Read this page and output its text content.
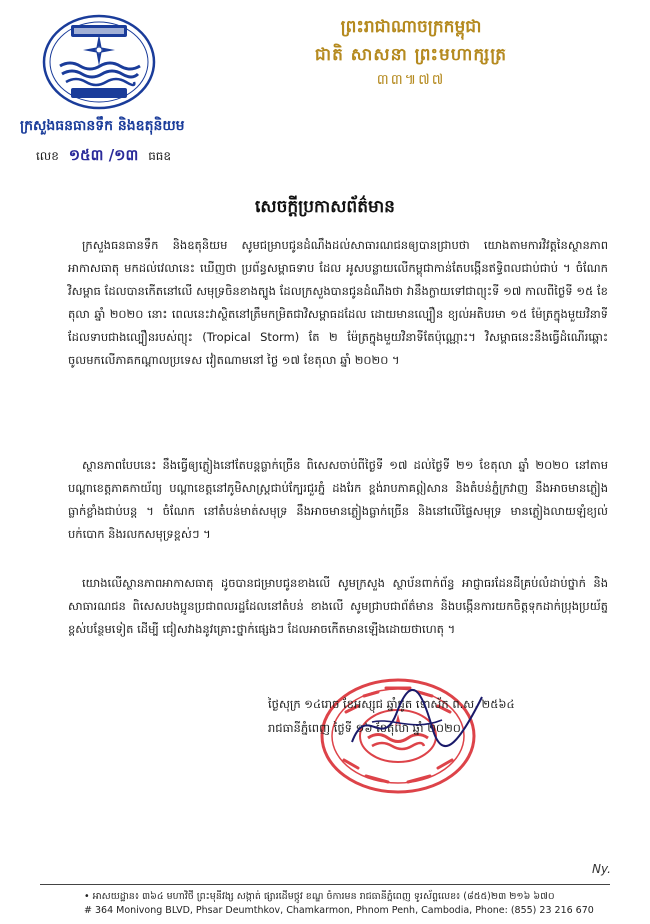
ព្រះរាជាណាចក្រកម្ពុជា
ជាតិ សាសនា ព្រះមហាក្សត្រ
៣៣៕៧៧
ក្រសួងធនធានទឹក និងឧតុនិយម
លេខ ១៥៣ /១៣ ធធឧ
សេចក្តីប្រកាសព័ត៌មាន
ក្រសួងធនធានទឹក និងឧតុនិយម សូមជម្រាបជូនដំណឹងដល់សាធារណជនឲ្យបានជ្រាបថា យោងតាមការវិវត្តនៃស្ថានភាពអាកាសធាតុ មកដល់វេលានេះ ឃើញថា ប្រព័ន្ធសម្ពាធទាប ដែល អូសបន្លាយលើកម្ពុជាកាន់តែបង្កើនឥទ្ធិពលជាប់ជាប់ ។ ចំណែកវិសម្ពាធ ដែលបានកើតនៅលើ សមុទ្រចិនខាងត្បូង ដែលក្រសួងបានជូនដំណឹងថា វានឹងក្លាយទៅជាព្យុះទី ១៧ កាលពីថ្ងៃទី ១៥ ខែតុលា ឆ្នាំ ២០២០ នោះ ពេលនេះវាស្ថិតនៅត្រឹមកម្រិតជាវិសម្ពាធដដែល ដោយមានល្បឿន ខ្យល់អតិបរមា ១៥ ម៉ែត្រក្នុងមួយវិនាទី ដែលទាបជាងល្បឿនរបស់ព្យុះ (Tropical Storm) តែ ២ ម៉ែត្រក្នុងមួយវិនាទីតែប៉ុណ្ណោះ។ វិសម្ពាធនេះនឹងធ្វើដំណើរឆ្ពោះចូលមកលើភាគកណ្តាលប្រទេស វៀតណាមនៅ ថ្ងៃ ១៧ ខែតុលា ឆ្នាំ ២០២០ ។
ស្ថានភាពបែបនេះ នឹងធ្វើឲ្យភ្លៀងនៅតែបន្តធ្លាក់ច្រើន ពិសេសចាប់ពីថ្ងៃទី ១៧ ដល់ថ្ងៃទី ២១ ខែតុលា ឆ្នាំ ២០២០ នៅតាមបណ្តាខេត្តភាគកាយ័ព្យ បណ្តាខេត្តនៅភូមិសាស្ត្រជាប់ក្បែរជួរភ្នំ ដងរែក ខ្ពង់រាបភាគឦសាន និងតំបន់ភ្នំក្រវាញ នឹងអាចមានភ្លៀងធ្លាក់ខ្លាំងជាប់បន្ត ។ ចំណែក នៅតំបន់មាត់សមុទ្រ នឹងអាចមានភ្លៀងធ្លាក់ច្រើន និងនៅលើផ្ទៃសមុទ្រ មានភ្លៀងលាយឡំខ្យល់ បក់បោក និងរលកសមុទ្រខ្ពស់ៗ ។
យោងលើស្ថានភាពអាកាសធាតុ ដូចបានជម្រាបជូនខាងលើ សូមក្រសួង ស្ថាប័នពាក់ព័ន្ធ អាជ្ញាធរដែនដីគ្រប់លំដាប់ថ្នាក់ និងសាធារណជន ពិសេសបងប្អូនប្រជាពលរដ្ឋដែលនៅតំបន់ ខាងលើ សូមជ្រាបជាព័ត៌មាន និងបង្កើនការយកចិត្តទុកដាក់ប្រុងប្រយ័ត្នខ្ពស់បន្ថែមទៀត ដើម្បី ជៀសវាងនូវគ្រោះថ្នាក់ផ្សេងៗ ដែលអាចកើតមានឡើងដោយថាហេតុ ។
ថ្ងៃសុក្រ ១៤រោច ខែអស្សុជ ឆ្នាំជូត ទោស័ក ព.ស. ២៥៦៤
រាជធានីភ្នំពេញ ថ្ងៃទី ១៦ ខែតុលា ឆ្នាំ ២០២០
Ny.
• អាសយដ្ឋាន៖ ៣៦៤ មហាវិថី ព្រះមុនីវង្ស សង្កាត់ ផ្សារដើមថ្កូវ ខណ្ឌ ចំការមន រាជធានីភ្នំពេញ ទូរស័ព្ទលេខ៖ (៨៥៥)២៣ ២១៦ ៦៧០
# 364 Monivong BLVD, Phsar Deumthkov, Chamkarmon, Phnom Penh, Cambodia, Phone: (855) 23 216 670
